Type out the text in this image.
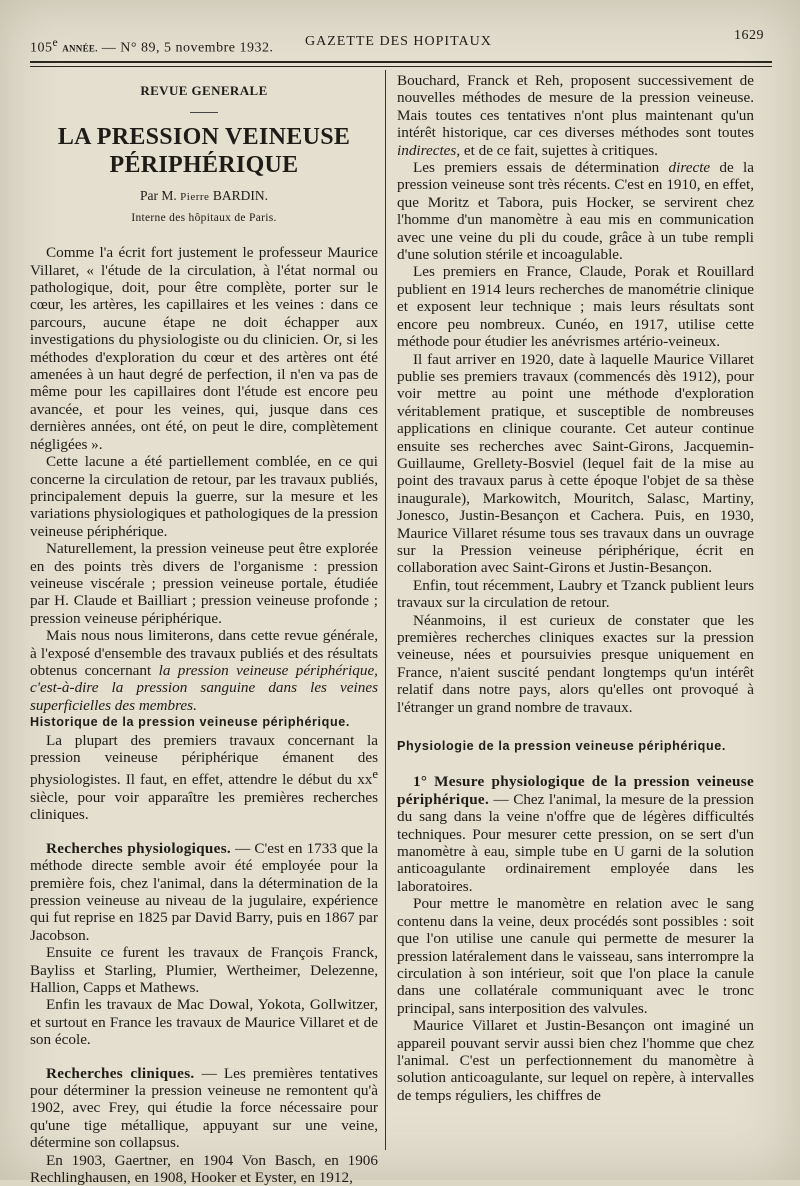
105e ANNÉE. — N° 89, 5 novembre 1932. GAZETTE DES HOPITAUX	1629
REVUE GENERALE
LA PRESSION VEINEUSE PÉRIPHÉRIQUE
Par M. Pierre BARDIN.
Interne des hôpitaux de Paris.

Comme l'a écrit fort justement le professeur Maurice Villaret, « l'étude de la circulation, à l'état normal ou pathologique, doit, pour être complète, porter sur le cœur, les artères, les capillaires et les veines : dans ce parcours, aucune étape ne doit échapper aux investigations du physiologiste ou du clinicien. Or, si les méthodes d'exploration du cœur et des artères ont été amenées à un haut degré de perfection, il n'en va pas de même pour les capillaires dont l'étude est encore peu avancée, et pour les veines, qui, jusque dans ces dernières années, ont été, on peut le dire, complètement négligées ».

Cette lacune a été partiellement comblée, en ce qui concerne la circulation de retour, par les travaux publiés, principalement depuis la guerre, sur la mesure et les variations physiologiques et pathologiques de la pression veineuse périphérique.

Naturellement, la pression veineuse peut être explorée en des points très divers de l'organisme : pression veineuse viscérale ; pression veineuse portale, étudiée par H. Claude et Bailliart ; pression veineuse profonde ; pression veineuse périphérique.

Mais nous nous limiterons, dans cette revue générale, à l'exposé d'ensemble des travaux publiés et des résultats obtenus concernant la pression veineuse périphérique, c'est-à-dire la pression sanguine dans les veines superficielles des membres.

Historique de la pression veineuse périphérique.

La plupart des premiers travaux concernant la pression veineuse périphérique émanent des physiologistes. Il faut, en effet, attendre le début du $xx^e$ siècle, pour voir apparaître les premières recherches cliniques.

Recherches physiologiques. — C'est en 1733 que la méthode directe semble avoir été employée pour la première fois, chez l'animal, dans la détermination de la pression veineuse au niveau de la jugulaire, expérience qui fut reprise en 1825 par David Barry, puis en 1867 par Jacobson.

Ensuite ce furent les travaux de François Franck, Bayliss et Starling, Plumier, Wertheimer, Delezenne, Hallion, Capps et Mathews.

Enfin les travaux de Mac Dowal, Yokota, Gollwitzer, et surtout en France les travaux de Maurice Villaret et de son école.

Recherches cliniques. — Les premières tentatives pour déterminer la pression veineuse ne remontent qu'à 1902, avec Frey, qui étudie la force nécessaire pour qu'une tige métallique, appuyant sur une veine, détermine son collapsus.

En 1903, Gaertner, en 1904 Von Basch, en 1906 Rechlinghausen, en 1908, Hooker et Eyster, en 1912,

Bouchard, Franck et Reh, proposent successivement de nouvelles méthodes de mesure de la pression veineuse. Mais toutes ces tentatives n'ont plus maintenant qu'un intérêt historique, car ces diverses méthodes sont toutes indirectes, et de ce fait, sujettes à critiques.

Les premiers essais de détermination directe de la pression veineuse sont très récents. C'est en 1910, en effet, que Moritz et Tabora, puis Hocker, se servirent chez l'homme d'un manomètre à eau mis en communication avec une veine du pli du coude, grâce à un tube rempli d'une solution stérile et incoagulable.

Les premiers en France, Claude, Porak et Rouillard publient en 1914 leurs recherches de manométrie clinique et exposent leur technique ; mais leurs résultats sont encore peu nombreux. Cunéo, en 1917, utilise cette méthode pour étudier les anévrismes artério-veineux.

Il faut arriver en 1920, date à laquelle Maurice Villaret publie ses premiers travaux (commencés dès 1912), pour voir mettre au point une méthode d'exploration véritablement pratique, et susceptible de nombreuses applications en clinique courante. Cet auteur continue ensuite ses recherches avec Saint-Girons, Jacquemin-Guillaume, Grellety-Bosviel (lequel fait de la mise au point des travaux parus à cette époque l'objet de sa thèse inaugurale), Markowitch, Mouritch, Salasc, Martiny, Jonesco, Justin-Besançon et Cachera. Puis, en 1930, Maurice Villaret résume tous ses travaux dans un ouvrage sur la Pression veineuse périphérique, écrit en collaboration avec Saint-Girons et Justin-Besançon.

Enfin, tout récemment, Laubry et Tzanck publient leurs travaux sur la circulation de retour.

Néanmoins, il est curieux de constater que les premières recherches cliniques exactes sur la pression veineuse, nées et poursuivies presque uniquement en France, n'aient suscité pendant longtemps qu'un intérêt relatif dans notre pays, alors qu'elles ont provoqué à l'étranger un grand nombre de travaux.

Physiologie de la pression veineuse périphérique.

1° Mesure physiologique de la pression veineuse périphérique. — Chez l'animal, la mesure de la pression du sang dans la veine n'offre que de légères difficultés techniques. Pour mesurer cette pression, on se sert d'un manomètre à eau, simple tube en U garni de la solution anticoagulante ordinairement employée dans les laboratoires.

Pour mettre le manomètre en relation avec le sang contenu dans la veine, deux procédés sont possibles : soit que l'on utilise une canule qui permette de mesurer la pression latéralement dans le vaisseau, sans interrompre la circulation à son intérieur, soit que l'on place la canule dans une collatérale communiquant avec le tronc principal, sans interposition des valvules.

Maurice Villaret et Justin-Besançon ont imaginé un appareil pouvant servir aussi bien chez l'homme que chez l'animal. C'est un perfectionnement du manomètre à solution anticoagulante, sur lequel on repère, à intervalles de temps réguliers, les chiffres de
